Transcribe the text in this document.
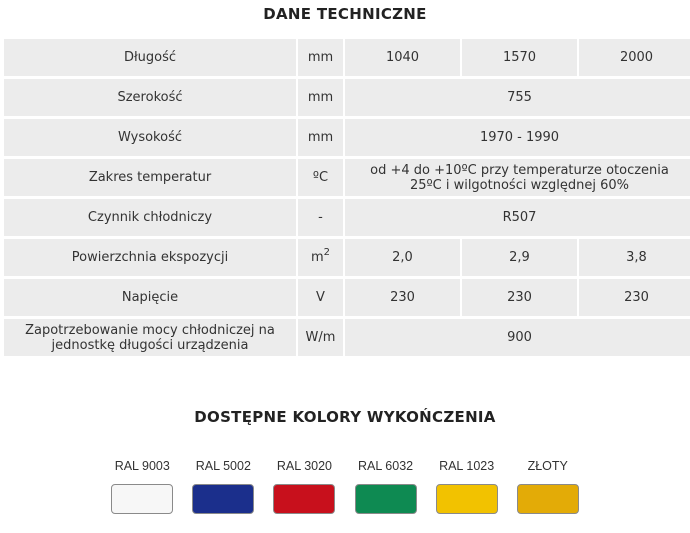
DANE TECHNICZNE
Długość	mm	1040	1570	2000
Szerokość	mm	755		
Wysokość	mm	1970 - 1990		
Zakres temperatur	ºC	od +4 do +10ºC przy temperaturze otoczenia
25ºC i wilgotności względnej 60%		
Czynnik chłodniczy	-	R507		
Powierzchnia ekspozycji	$m^2$	2,0	2,9	3,8
Napięcie	V	230	230	230
Zapotrzebowanie mocy chłodniczej na
jednostkę długości urządzenia	W/m	900		
DOSTĘPNE KOLORY WYKOŃCZENIA
RAL 9003
	RAL 5002
	RAL 3020
	RAL 6032
	RAL 1023
	ZŁOTY
